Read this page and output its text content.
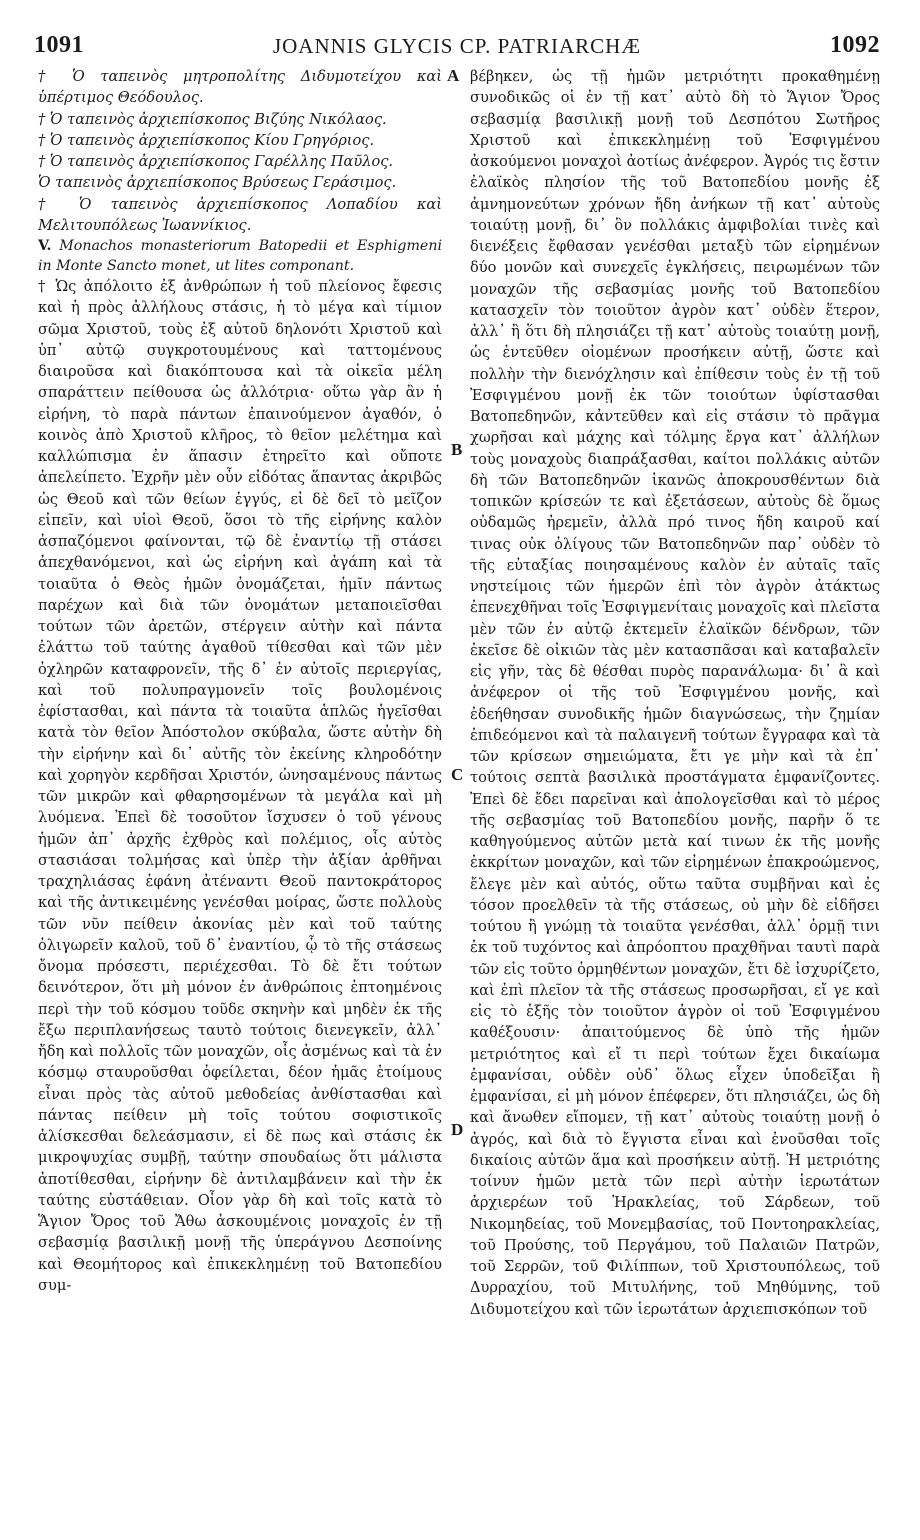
1091	JOANNIS GLYCIS CP. PATRIARCHÆ	1092

† Ὁ ταπεινὸς μητροπολίτης Διδυμοτείχου καὶ ὑπέρτιμος Θεόδουλος.

† Ὁ ταπεινὸς ἀρχιεπίσκοπος Βιζύης Νικόλαος.

† Ὁ ταπεινὸς ἀρχιεπίσκοπος Κίου Γρηγόριος.

† Ὁ ταπεινὸς ἀρχιεπίσκοπος Γαρέλλης Παῦλος.

Ὁ ταπεινὸς ἀρχιεπίσκοπος Βρύσεως Γεράσιμος.

† Ὁ ταπεινὸς ἀρχιεπίσκοπος Λοπαδίου καὶ Μελιτουπόλεως Ἰωαννίκιος.

V. Monachos monasteriorum Batopedii et Esphigmeni in Monte Sancto monet, ut lites componant.

† Ὡς ἀπόλοιτο ἐξ ἀνθρώπων ἡ τοῦ πλείονος ἔφεσις καὶ ἡ πρὸς ἀλλήλους στάσις, ἡ τὸ μέγα καὶ τίμιον σῶμα Χριστοῦ, τοὺς ἐξ αὐτοῦ δηλονότι Χριστοῦ καὶ ὑπ᾽ αὐτῷ συγκροτουμένους καὶ ταττομένους διαιροῦσα καὶ διακόπτουσα καὶ τὰ οἰκεῖα μέλη σπαράττειν πείθουσα ὡς ἀλλότρια· οὕτω γὰρ ἂν ἡ εἰρήνη, τὸ παρὰ πάντων ἐπαινούμενον ἀγαθόν, ὁ κοινὸς ἀπὸ Χριστοῦ κλῆρος, τὸ θεῖον μελέτημα καὶ καλλώπισμα ἐν ἅπασιν ἐτηρεῖτο καὶ οὔποτε ἀπελείπετο. Ἐχρῆν μὲν οὖν εἰδότας ἅπαντας ἀκριβῶς ὡς Θεοῦ καὶ τῶν θείων ἐγγύς, εἰ δὲ δεῖ τὸ μεῖζον εἰπεῖν, καὶ υἱοὶ Θεοῦ, ὅσοι τὸ τῆς εἰρήνης καλὸν ἀσπαζόμενοι φαίνονται, τῷ δὲ ἐναντίῳ τῇ στάσει ἀπεχθανόμενοι, καὶ ὡς εἰρήνη καὶ ἀγάπη καὶ τὰ τοιαῦτα ὁ Θεὸς ἡμῶν ὀνομάζεται, ἡμῖν πάντως παρέχων καὶ διὰ τῶν ὀνομάτων μεταποιεῖσθαι τούτων τῶν ἀρετῶν, στέργειν αὐτὴν καὶ πάντα ἐλάττω τοῦ ταύτης ἀγαθοῦ τίθεσθαι καὶ τῶν μὲν ὀχληρῶν καταφρονεῖν, τῆς δ᾽ ἐν αὐτοῖς περιεργίας, καὶ τοῦ πολυπραγμονεῖν τοῖς βουλομένοις ἐφίστασθαι, καὶ πάντα τὰ τοιαῦτα ἁπλῶς ἡγεῖσθαι κατὰ τὸν θεῖον Ἀπόστολον σκύβαλα, ὥστε αὐτὴν δὴ τὴν εἰρήνην καὶ δι᾽ αὐτῆς τὸν ἐκείνης κληροδότην καὶ χορηγὸν κερδῆσαι Χριστόν, ὠνησαμένους πάντως τῶν μικρῶν καὶ φθαρησομένων τὰ μεγάλα καὶ μὴ λυόμενα. Ἐπεὶ δὲ τοσοῦτον ἴσχυσεν ὁ τοῦ γένους ἡμῶν ἀπ᾽ ἀρχῆς ἐχθρὸς καὶ πολέμιος, οἷς αὐτὸς στασιάσαι τολμήσας καὶ ὑπὲρ τὴν ἀξίαν ἀρθῆναι τραχηλιάσας ἐφάνη ἀτέναντι Θεοῦ παντοκράτορος καὶ τῆς ἀντικειμένης γενέσθαι μοίρας, ὥστε πολλοὺς τῶν νῦν πείθειν ἀκονίας μὲν καὶ τοῦ ταύτης ὀλιγωρεῖν καλοῦ, τοῦ δ᾽ ἐναντίου, ᾧ τὸ τῆς στάσεως ὄνομα πρόσεστι, περιέχεσθαι. Τὸ δὲ ἔτι τούτων δεινότερον, ὅτι μὴ μόνον ἐν ἀνθρώποις ἐπτοημένοις περὶ τὴν τοῦ κόσμου τοῦδε σκηνὴν καὶ μηδὲν ἐκ τῆς ἔξω περιπλανήσεως ταυτὸ τούτοις διενεγκεῖν, ἀλλ᾽ ἤδη καὶ πολλοῖς τῶν μοναχῶν, οἷς ἀσμένως καὶ τὰ ἐν κόσμῳ σταυροῦσθαι ὀφείλεται, δέον ἡμᾶς ἑτοίμους εἶναι πρὸς τὰς αὐτοῦ μεθοδείας ἀνθίστασθαι καὶ πάντας πείθειν μὴ τοῖς τούτου σοφιστικοῖς ἀλίσκεσθαι δελεάσμασιν, εἰ δὲ πως καὶ στάσις ἐκ μικροψυχίας συμβῇ, ταύτην σπουδαίως ὅτι μάλιστα ἀποτίθεσθαι, εἰρήνην δὲ ἀντιλαμβάνειν καὶ τὴν ἐκ ταύτης εὐστάθειαν. Οἷον γὰρ δὴ καὶ τοῖς κατὰ τὸ Ἅγιον Ὄρος τοῦ Ἄθω ἀσκουμένοις μοναχοῖς ἐν τῇ σεβασμίᾳ βασιλικῇ μονῇ τῆς ὑπεράγνου Δεσποίνης καὶ Θεομήτορος καὶ ἐπικεκλημένῃ τοῦ Βατοπεδίου συμ-

A
B
C
D

βέβηκεν, ὡς τῇ ἡμῶν μετριότητι προκαθημένῃ συνοδικῶς οἱ ἐν τῇ κατ᾽ αὐτὸ δὴ τὸ Ἅγιον Ὄρος σεβασμίᾳ βασιλικῇ μονῇ τοῦ Δεσπότου Σωτῆρος Χριστοῦ καὶ ἐπικεκλημένῃ τοῦ Ἐσφιγμένου ἀσκούμενοι μοναχοὶ ἀοτίως ἀνέφερον. Ἀγρός τις ἔστιν ἐλαϊκὸς πλησίον τῆς τοῦ Βατοπεδίου μονῆς ἐξ ἀμνημονεύτων χρόνων ἤδη ἀνήκων τῇ κατ᾽ αὐτοὺς τοιαύτῃ μονῇ, δι᾽ ὃν πολλάκις ἀμφιβολίαι τινὲς καὶ διενέξεις ἔφθασαν γενέσθαι μεταξὺ τῶν εἰρημένων δύο μονῶν καὶ συνεχεῖς ἐγκλήσεις, πειρωμένων τῶν μοναχῶν τῆς σεβασμίας μονῆς τοῦ Βατοπεδίου κατασχεῖν τὸν τοιοῦτον ἀγρὸν κατ᾽ οὐδὲν ἕτερον, ἀλλ᾽ ἢ ὅτι δὴ πλησιάζει τῇ κατ᾽ αὐτοὺς τοιαύτῃ μονῇ, ὡς ἐντεῦθεν οἰομένων προσήκειν αὐτῇ, ὥστε καὶ πολλὴν τὴν διενόχλησιν καὶ ἐπίθεσιν τοὺς ἐν τῇ τοῦ Ἐσφιγμένου μονῇ ἐκ τῶν τοιούτων ὑφίστασθαι Βατοπεδηνῶν, κἀντεῦθεν καὶ εἰς στάσιν τὸ πρᾶγμα χωρῆσαι καὶ μάχης καὶ τόλμης ἔργα κατ᾽ ἀλλήλων τοὺς μοναχοὺς διαπράξασθαι, καίτοι πολλάκις αὐτῶν δὴ τῶν Βατοπεδηνῶν ἱκανῶς ἀποκρουσθέντων διὰ τοπικῶν κρίσεών τε καὶ ἐξετάσεων, αὐτοὺς δὲ ὅμως οὐδαμῶς ἠρεμεῖν, ἀλλὰ πρό τινος ἤδη καιροῦ καί τινας οὐκ ὀλίγους τῶν Βατοπεδηνῶν παρ᾽ οὐδὲν τὸ τῆς εὐταξίας ποιησαμένους καλὸν ἐν αὐταῖς ταῖς νηστείμοις τῶν ἡμερῶν ἐπὶ τὸν ἀγρὸν ἀτάκτως ἐπενεχθῆναι τοῖς Ἐσφιγμενίταις μοναχοῖς καὶ πλεῖστα μὲν τῶν ἐν αὐτῷ ἐκτεμεῖν ἐλαϊκῶν δένδρων, τῶν ἐκεῖσε δὲ οἰκιῶν τὰς μὲν κατασπᾶσαι καὶ καταβαλεῖν εἰς γῆν, τὰς δὲ θέσθαι πυρὸς παρανάλωμα· δι᾽ ἃ καὶ ἀνέφερον οἱ τῆς τοῦ Ἐσφιγμένου μονῆς, καὶ ἐδεήθησαν συνοδικῆς ἡμῶν διαγνώσεως, τὴν ζημίαν ἐπιδεόμενοι καὶ τὰ παλαιγενῆ τούτων ἔγγραφα καὶ τὰ τῶν κρίσεων σημειώματα, ἔτι γε μὴν καὶ τὰ ἐπ᾽ τούτοις σεπτὰ βασιλικὰ προστάγματα ἐμφανίζοντες. Ἐπεὶ δὲ ἔδει παρεῖναι καὶ ἀπολογεῖσθαι καὶ τὸ μέρος τῆς σεβασμίας τοῦ Βατοπεδίου μονῆς, παρῆν ὅ τε καθηγούμενος αὐτῶν μετὰ καί τινων ἐκ τῆς μονῆς ἐκκρίτων μοναχῶν, καὶ τῶν εἰρημένων ἐπακροώμενος, ἔλεγε μὲν καὶ αὐτός, οὕτω ταῦτα συμβῆναι καὶ ἐς τόσον προελθεῖν τὰ τῆς στάσεως, οὐ μὴν δὲ εἰδῆσει τούτου ἢ γνώμῃ τὰ τοιαῦτα γενέσθαι, ἀλλ᾽ ὁρμῇ τινι ἐκ τοῦ τυχόντος καὶ ἀπρόοπτου πραχθῆναι ταυτὶ παρὰ τῶν εἰς τοῦτο ὁρμηθέντων μοναχῶν, ἔτι δὲ ἰσχυρίζετο, καὶ ἐπὶ πλεῖον τὰ τῆς στάσεως προσωρῆσαι, εἴ γε καὶ εἰς τὸ ἑξῆς τὸν τοιοῦτον ἀγρὸν οἱ τοῦ Ἐσφιγμένου καθέξουσιν· ἀπαιτούμενος δὲ ὑπὸ τῆς ἡμῶν μετριότητος καὶ εἴ τι περὶ τούτων ἔχει δικαίωμα ἐμφανίσαι, οὐδὲν οὐδ᾽ ὅλως εἶχεν ὑποδεῖξαι ἢ ἐμφανίσαι, εἰ μὴ μόνον ἐπέφερεν, ὅτι πλησιάζει, ὡς δὴ καὶ ἄνωθεν εἴπομεν, τῇ κατ᾽ αὐτοὺς τοιαύτῃ μονῇ ὁ ἀγρός, καὶ διὰ τὸ ἔγγιστα εἶναι καὶ ἑνοῦσθαι τοῖς δικαίοις αὐτῶν ἅμα καὶ προσήκειν αὐτῇ. Ἡ μετριότης τοίνυν ἡμῶν μετὰ τῶν περὶ αὐτὴν ἱερωτάτων ἀρχιερέων τοῦ Ἡρακλείας, τοῦ Σάρδεων, τοῦ Νικομηδείας, τοῦ Μονεμβασίας, τοῦ Ποντοηρακλείας, τοῦ Προύσης, τοῦ Περγάμου, τοῦ Παλαιῶν Πατρῶν, τοῦ Σερρῶν, τοῦ Φιλίππων, τοῦ Χριστουπόλεως, τοῦ Δυρραχίου, τοῦ Μιτυλήνης, τοῦ Μηθύμνης, τοῦ Διδυμοτείχου καὶ τῶν ἱερωτάτων ἀρχιεπισκόπων τοῦ
